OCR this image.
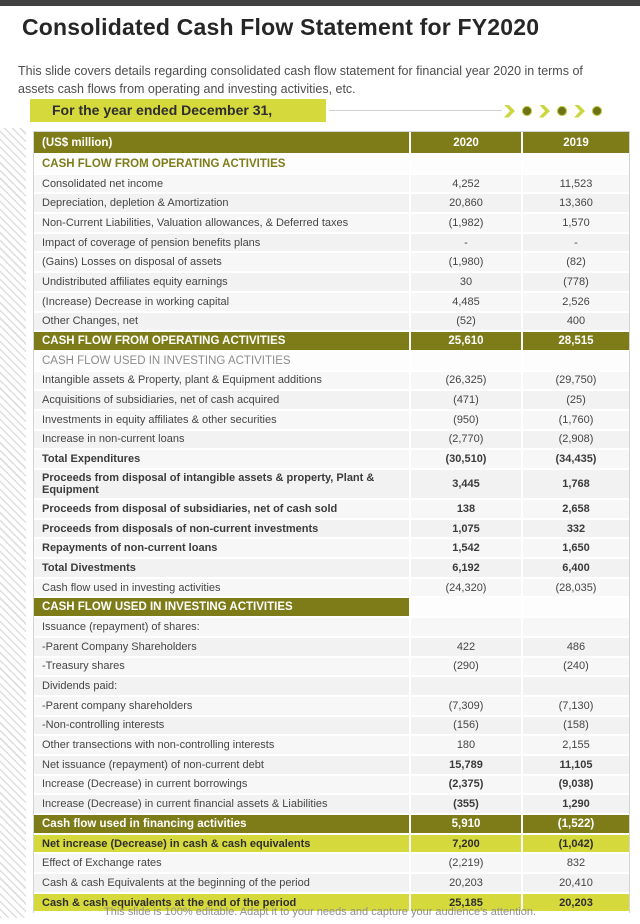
Consolidated Cash Flow Statement for FY2020
This slide covers details regarding consolidated cash flow statement for financial year 2020 in terms of assets cash flows from operating and investing activities, etc.
For the year ended December 31,
(US$ million)	2020	2019
CASH FLOW FROM OPERATING ACTIVITIES		
Consolidated net income	4,252	11,523
Depreciation, depletion & Amortization	20,860	13,360
Non-Current Liabilities, Valuation allowances, & Deferred taxes	(1,982)	1,570
Impact of coverage of pension benefits plans	-	-
(Gains) Losses on disposal of assets	(1,980)	(82)
Undistributed affiliates equity earnings	30	(778)
(Increase) Decrease in working capital	4,485	2,526
Other Changes, net	(52)	400
CASH FLOW FROM OPERATING ACTIVITIES	25,610	28,515
CASH FLOW USED IN INVESTING ACTIVITIES		
Intangible assets & Property, plant & Equipment additions	(26,325)	(29,750)
Acquisitions of subsidiaries, net of cash acquired	(471)	(25)
Investments in equity affiliates & other securities	(950)	(1,760)
Increase in non-current loans	(2,770)	(2,908)
Total Expenditures	(30,510)	(34,435)
Proceeds from disposal of intangible assets & property, Plant & Equipment	3,445	1,768
Proceeds from disposal of subsidiaries, net of cash sold	138	2,658
Proceeds from disposals of non-current investments	1,075	332
Repayments of non-current loans	1,542	1,650
Total Divestments	6,192	6,400
Cash flow used in investing activities	(24,320)	(28,035)
CASH FLOW USED IN INVESTING ACTIVITIES		
Issuance (repayment) of shares:		
-Parent Company Shareholders	422	486
-Treasury shares	(290)	(240)
Dividends paid:		
-Parent company shareholders	(7,309)	(7,130)
-Non-controlling interests	(156)	(158)
Other transections with non-controlling interests	180	2,155
Net issuance (repayment) of non-current debt	15,789	11,105
Increase (Decrease) in current borrowings	(2,375)	(9,038)
Increase (Decrease) in current financial assets & Liabilities	(355)	1,290
Cash flow used in financing activities	5,910	(1,522)
Net increase (Decrease) in cash & cash equivalents	7,200	(1,042)
Effect of Exchange rates	(2,219)	832
Cash & cash Equivalents at the beginning of the period	20,203	20,410
Cash & cash equivalents at the end of the period	25,185	20,203
This slide is 100% editable. Adapt it to your needs and capture your audience's attention.
